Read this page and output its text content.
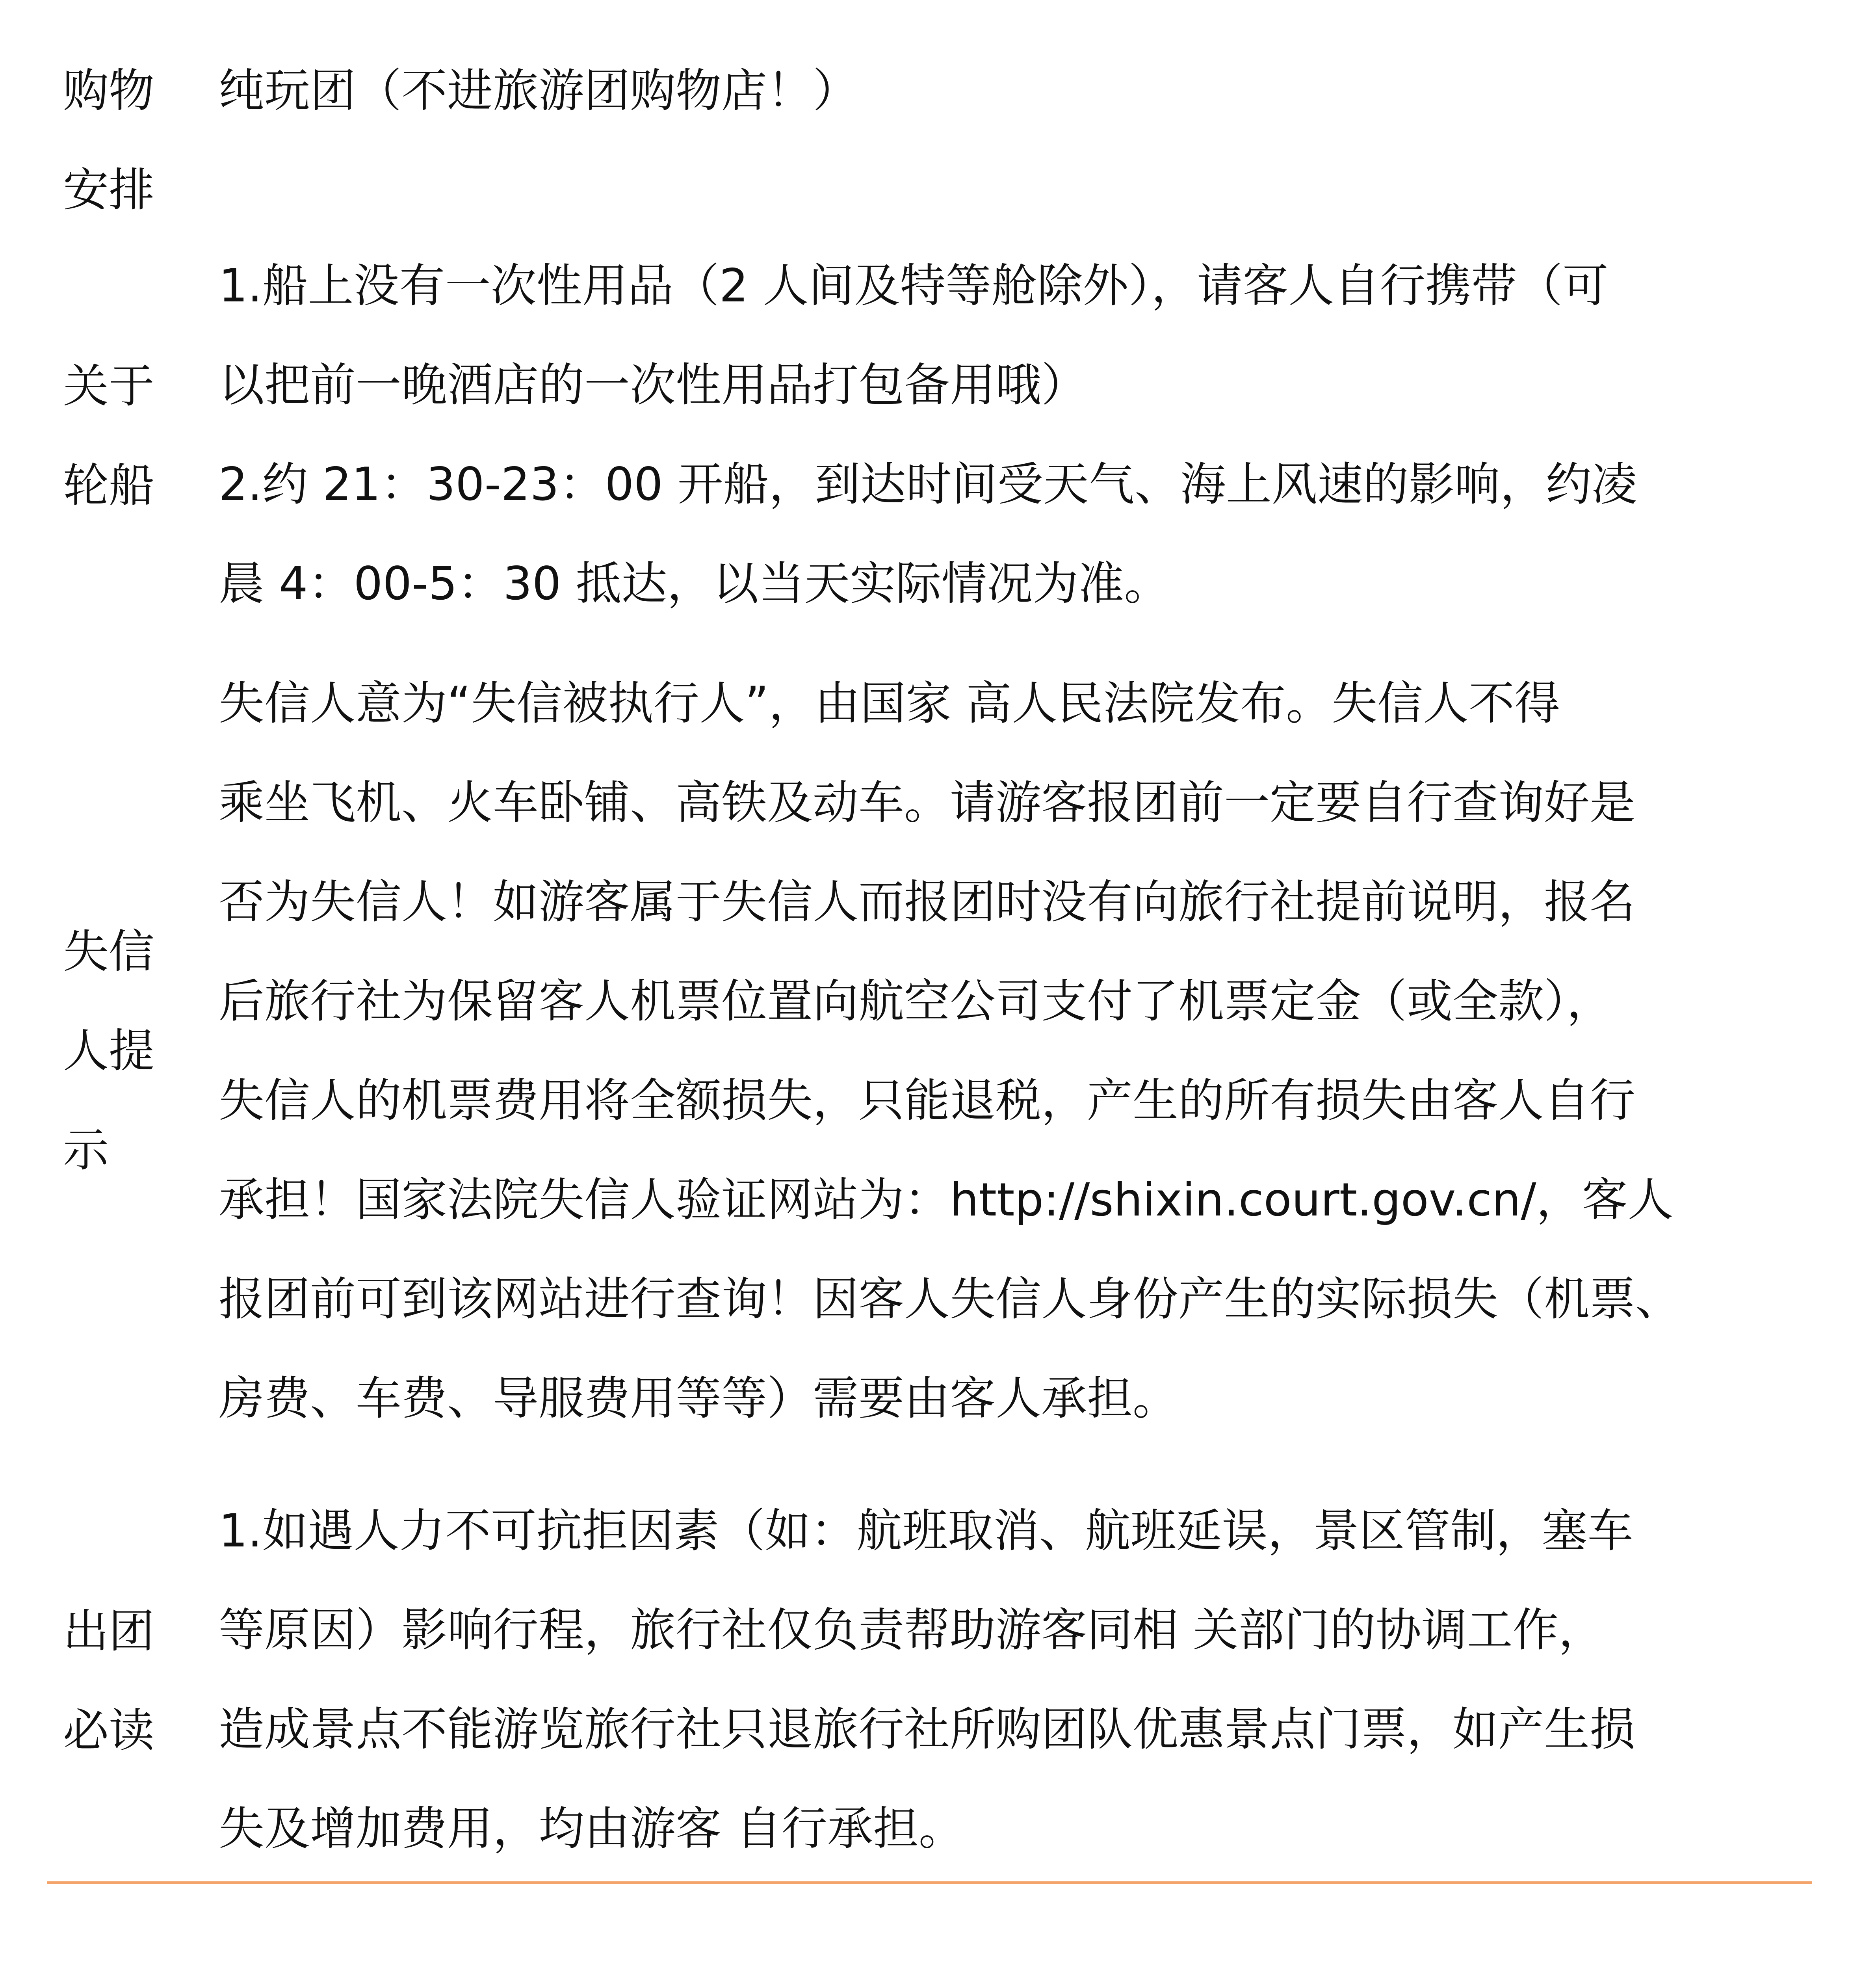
购物
安排

纯玩团（不进旅游团购物店！）

关于
轮船

1.船上没有一次性用品（2 人间及特等舱除外），请客人自行携带（可

以把前一晚酒店的一次性用品打包备用哦）

2.约 21：30-23：00 开船，到达时间受天气、海上风速的影响，约凌

晨 4：00-5：30 抵达，以当天实际情况为准。

失信
人提
示

失信人意为“失信被执行人”，由国家 高人民法院发布。失信人不得

乘坐飞机、火车卧铺、高铁及动车。请游客报团前一定要自行查询好是

否为失信人！如游客属于失信人而报团时没有向旅行社提前说明，报名

后旅行社为保留客人机票位置向航空公司支付了机票定金（或全款），

失信人的机票费用将全额损失，只能退税，产生的所有损失由客人自行

承担！国家法院失信人验证网站为：http://shixin.court.gov.cn/，客人

报团前可到该网站进行查询！因客人失信人身份产生的实际损失（机票、

房费、车费、导服费用等等）需要由客人承担。

出团
必读

1.如遇人力不可抗拒因素（如：航班取消、航班延误，景区管制，塞车

等原因）影响行程，旅行社仅负责帮助游客同相 关部门的协调工作，

造成景点不能游览旅行社只退旅行社所购团队优惠景点门票，如产生损

失及增加费用，均由游客 自行承担。
